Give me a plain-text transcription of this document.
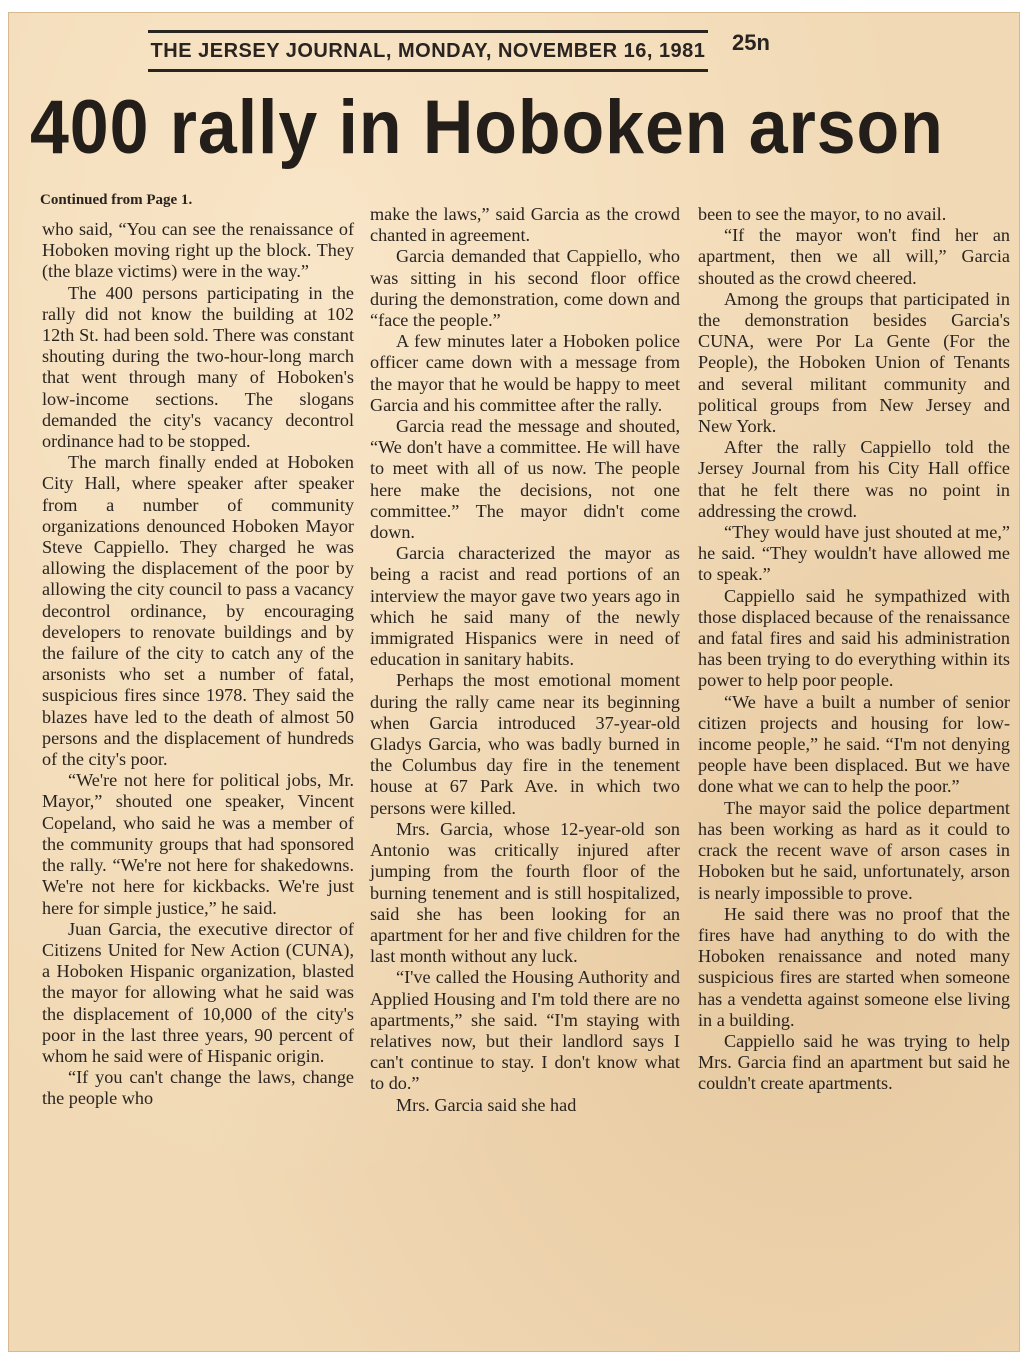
THE JERSEY JOURNAL, MONDAY, NOVEMBER 16, 1981 25n
400 rally in Hoboken arson
Continued from Page 1.

who said, “You can see the renaissance of Hoboken moving right up the block. They (the blaze victims) were in the way.”

The 400 persons participating in the rally did not know the building at 102 12th St. had been sold. There was constant shouting during the two-hour-long march that went through many of Hoboken's low-income sections. The slogans demanded the city's vacancy decontrol ordinance had to be stopped.

The march finally ended at Hoboken City Hall, where speaker after speaker from a number of community organizations denounced Hoboken Mayor Steve Cappiello. They charged he was allowing the displacement of the poor by allowing the city council to pass a vacancy decontrol ordinance, by encouraging developers to renovate buildings and by the failure of the city to catch any of the arsonists who set a number of fatal, suspicious fires since 1978. They said the blazes have led to the death of almost 50 persons and the displacement of hundreds of the city's poor.

“We're not here for political jobs, Mr. Mayor,” shouted one speaker, Vincent Copeland, who said he was a member of the community groups that had sponsored the rally. “We're not here for shakedowns. We're not here for kickbacks. We're just here for simple justice,” he said.

Juan Garcia, the executive director of Citizens United for New Action (CUNA), a Hoboken Hispanic organization, blasted the mayor for allowing what he said was the displacement of 10,000 of the city's poor in the last three years, 90 percent of whom he said were of Hispanic origin.

“If you can't change the laws, change the people who

make the laws,” said Garcia as the crowd chanted in agreement.

Garcia demanded that Cappiello, who was sitting in his second floor office during the demonstration, come down and “face the people.”

A few minutes later a Hoboken police officer came down with a message from the mayor that he would be happy to meet Garcia and his committee after the rally.

Garcia read the message and shouted, “We don't have a committee. He will have to meet with all of us now. The people here make the decisions, not one committee.” The mayor didn't come down.

Garcia characterized the mayor as being a racist and read portions of an interview the mayor gave two years ago in which he said many of the newly immigrated Hispanics were in need of education in sanitary habits.

Perhaps the most emotional moment during the rally came near its beginning when Garcia introduced 37-year-old Gladys Garcia, who was badly burned in the Columbus day fire in the tenement house at 67 Park Ave. in which two persons were killed.

Mrs. Garcia, whose 12-year-old son Antonio was critically injured after jumping from the fourth floor of the burning tenement and is still hospitalized, said she has been looking for an apartment for her and five children for the last month without any luck.

“I've called the Housing Authority and Applied Housing and I'm told there are no apartments,” she said. “I'm staying with relatives now, but their landlord says I can't continue to stay. I don't know what to do.”

Mrs. Garcia said she had

been to see the mayor, to no avail.

“If the mayor won't find her an apartment, then we all will,” Garcia shouted as the crowd cheered.

Among the groups that participated in the demonstration besides Garcia's CUNA, were Por La Gente (For the People), the Hoboken Union of Tenants and several militant community and political groups from New Jersey and New York.

After the rally Cappiello told the Jersey Journal from his City Hall office that he felt there was no point in addressing the crowd.

“They would have just shouted at me,” he said. “They wouldn't have allowed me to speak.”

Cappiello said he sympathized with those displaced because of the renaissance and fatal fires and said his administration has been trying to do everything within its power to help poor people.

“We have a built a number of senior citizen projects and housing for low-income people,” he said. “I'm not denying people have been displaced. But we have done what we can to help the poor.”

The mayor said the police department has been working as hard as it could to crack the recent wave of arson cases in Hoboken but he said, unfortunately, arson is nearly impossible to prove.

He said there was no proof that the fires have had anything to do with the Hoboken renaissance and noted many suspicious fires are started when someone has a vendetta against someone else living in a building.

Cappiello said he was trying to help Mrs. Garcia find an apartment but said he couldn't create apartments.
